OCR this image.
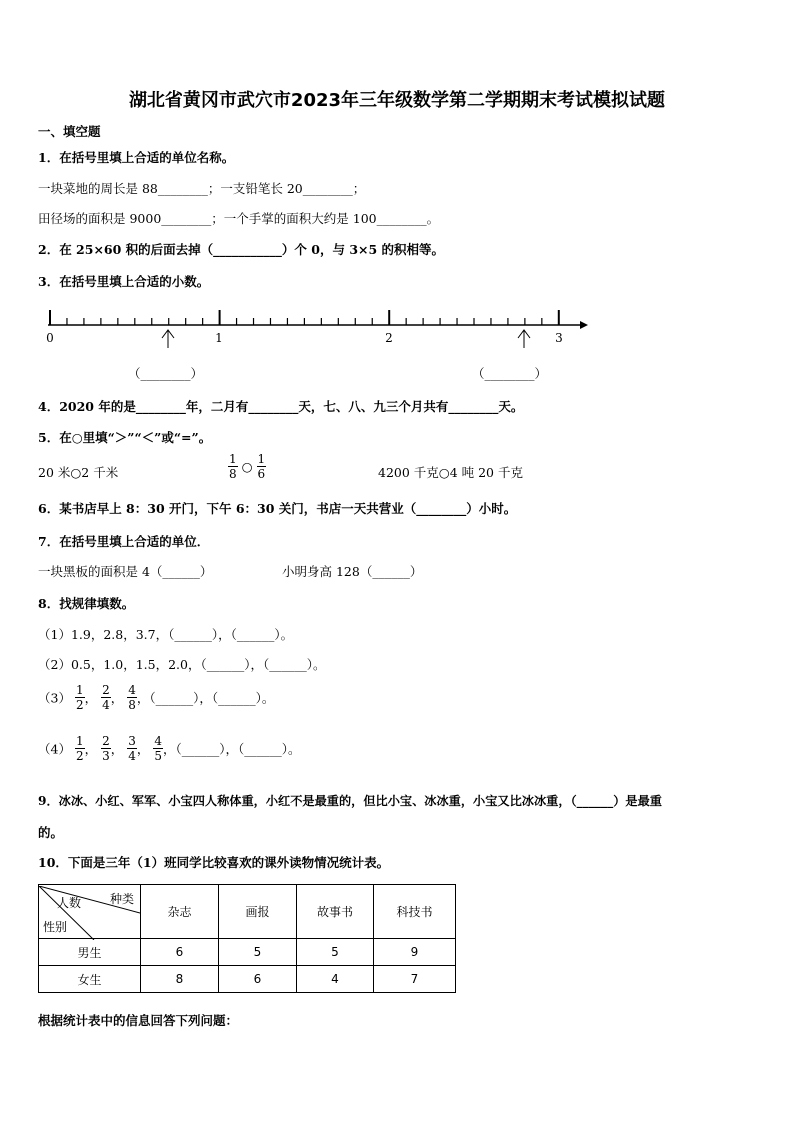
湖北省黄冈市武穴市2023年三年级数学第二学期期末考试模拟试题
一、填空题
1．在括号里填上合适的单位名称。
一块菜地的周长是 88________；一支铅笔长 20________；
田径场的面积是 9000________；一个手掌的面积大约是 100________。
2．在 25×60 积的后面去掉（___________）个 0，与 3×5 的积相等。
3．在括号里填上合适的小数。
0	1	2	3
（________）	（________）
4．2020 年的是________年，二月有________天，七、八、九三个月共有________天。
5．在○里填“＞”“＜”或“=”。
20 米○2 千米	$\frac{1}{8}$ ○ $\frac{1}{6}$	4200 千克○4 吨 20 千克
6．某书店早上 8：30 开门，下午 6：30 关门，书店一天共营业（________）小时。
7．在括号里填上合适的单位．
一块黑板的面积是 4（______）	小明身高 128（______）
8．找规律填数。
（1）1.9，2.8，3.7，（______），（______）。
（2）0.5，1.0，1.5，2.0，（______），（______）。
$(3) \frac{1}{2}$ ， $\frac{2}{4}$ ， $\frac{4}{8}$ ，（______），（______）。
$(4) \frac{1}{2}$ ， $\frac{2}{3}$ ， $\frac{3}{4}$ ， $\frac{4}{5}$ ，（______），（______）。
9．冰冰、小红、军军、小宝四人称体重，小红不是最重的，但比小宝、冰冰重，小宝又比冰冰重，（______）是最重
的。
10．下面是三年（1）班同学比较喜欢的课外读物情况统计表。
种类
人数
性别	杂志	画报	故事书	科技书
男生	6	5	5	9
女生	8	6	4	7
根据统计表中的信息回答下列问题：
